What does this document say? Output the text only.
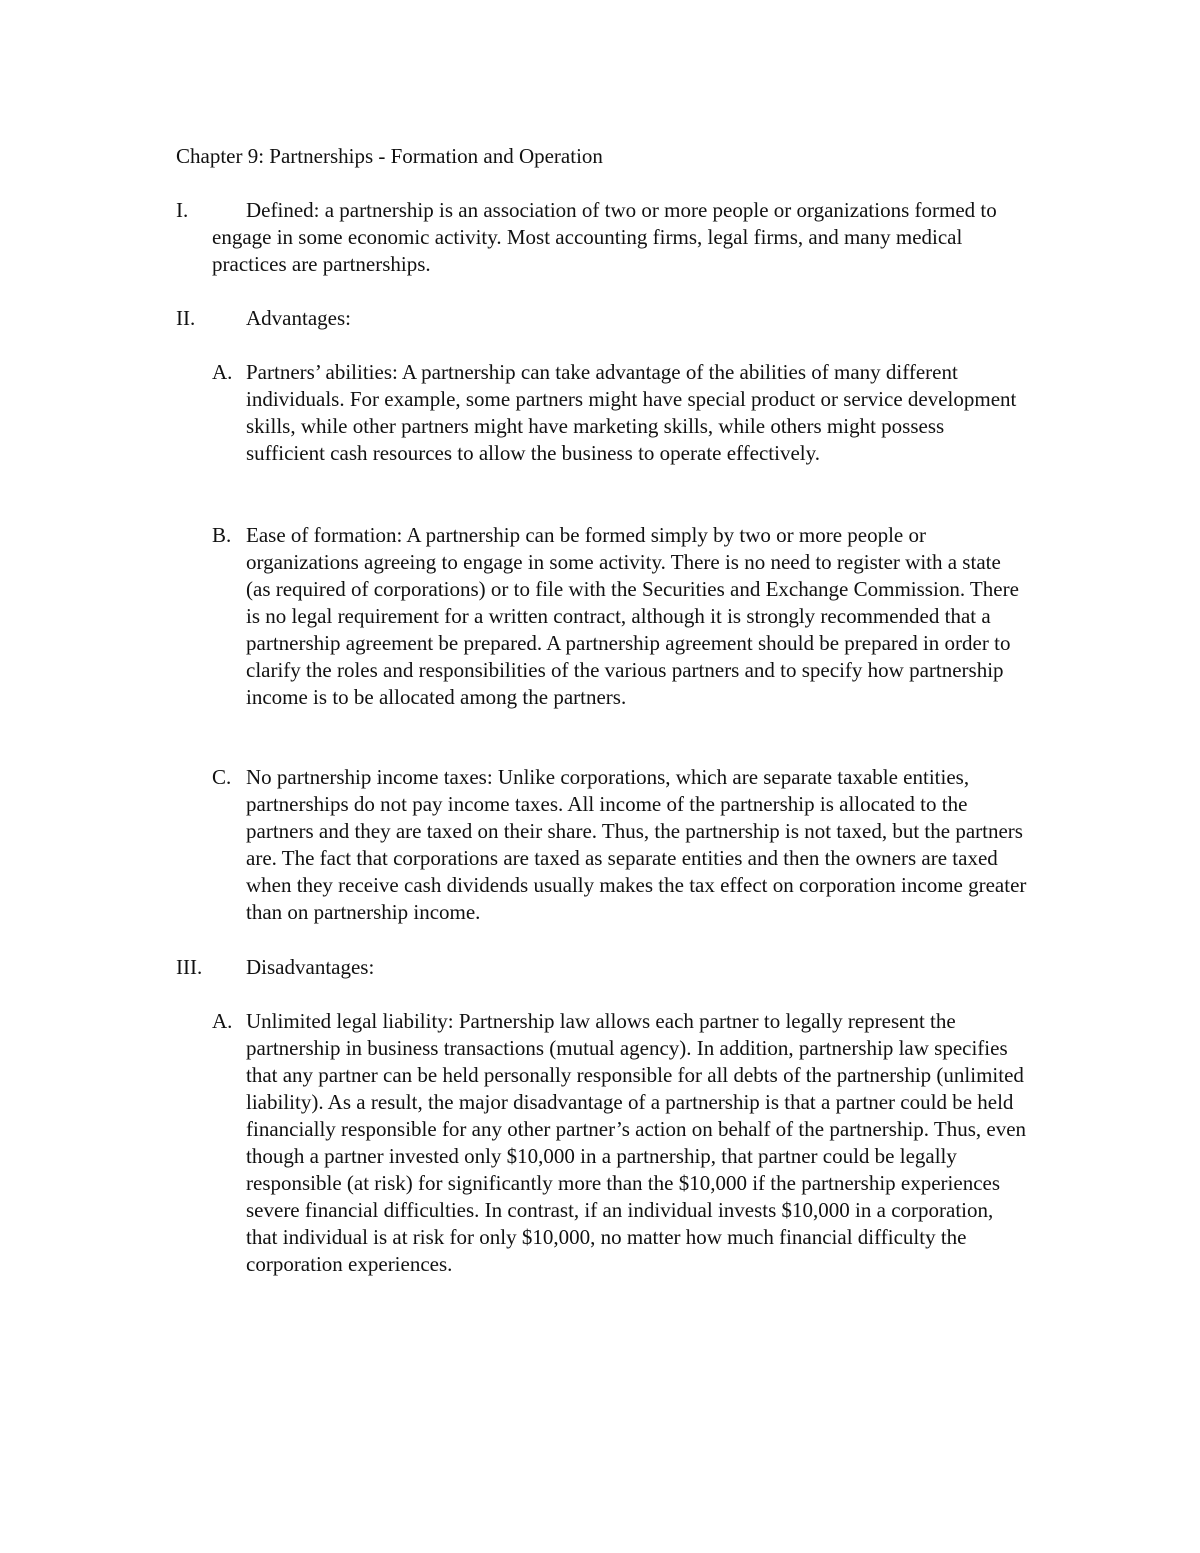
Chapter 9: Partnerships - Formation and Operation
I.	Defined: a partnership is an association of two or more people or organizations formed to engage in some economic activity. Most accounting firms, legal firms, and many medical practices are partnerships.

II. Advantages:
A. Partners’ abilities: A partnership can take advantage of the abilities of many different individuals. For example, some partners might have special product or service development skills, while other partners might have marketing skills, while others might possess sufficient cash resources to allow the business to operate effectively.

B. Ease of formation: A partnership can be formed simply by two or more people or organizations agreeing to engage in some activity. There is no need to register with a state (as required of corporations) or to file with the Securities and Exchange Commission. There is no legal requirement for a written contract, although it is strongly recommended that a partnership agreement be prepared. A partnership agreement should be prepared in order to clarify the roles and responsibilities of the various partners and to specify how partnership income is to be allocated among the partners.

C. No partnership income taxes: Unlike corporations, which are separate taxable entities, partnerships do not pay income taxes. All income of the partnership is allocated to the partners and they are taxed on their share. Thus, the partnership is not taxed, but the partners are. The fact that corporations are taxed as separate entities and then the owners are taxed when they receive cash dividends usually makes the tax effect on corporation income greater than on partnership income.

III. Disadvantages:
A. Unlimited legal liability: Partnership law allows each partner to legally represent the partnership in business transactions (mutual agency). In addition, partnership law specifies that any partner can be held personally responsible for all debts of the partnership (unlimited liability). As a result, the major disadvantage of a partnership is that a partner could be held financially responsible for any other partner’s action on behalf of the partnership. Thus, even though a partner invested only $10,000 in a partnership, that partner could be legally responsible (at risk) for significantly more than the $10,000 if the partnership experiences severe financial difficulties. In contrast, if an individual invests $10,000 in a corporation, that individual is at risk for only $10,000, no matter how much financial difficulty the corporation experiences.
